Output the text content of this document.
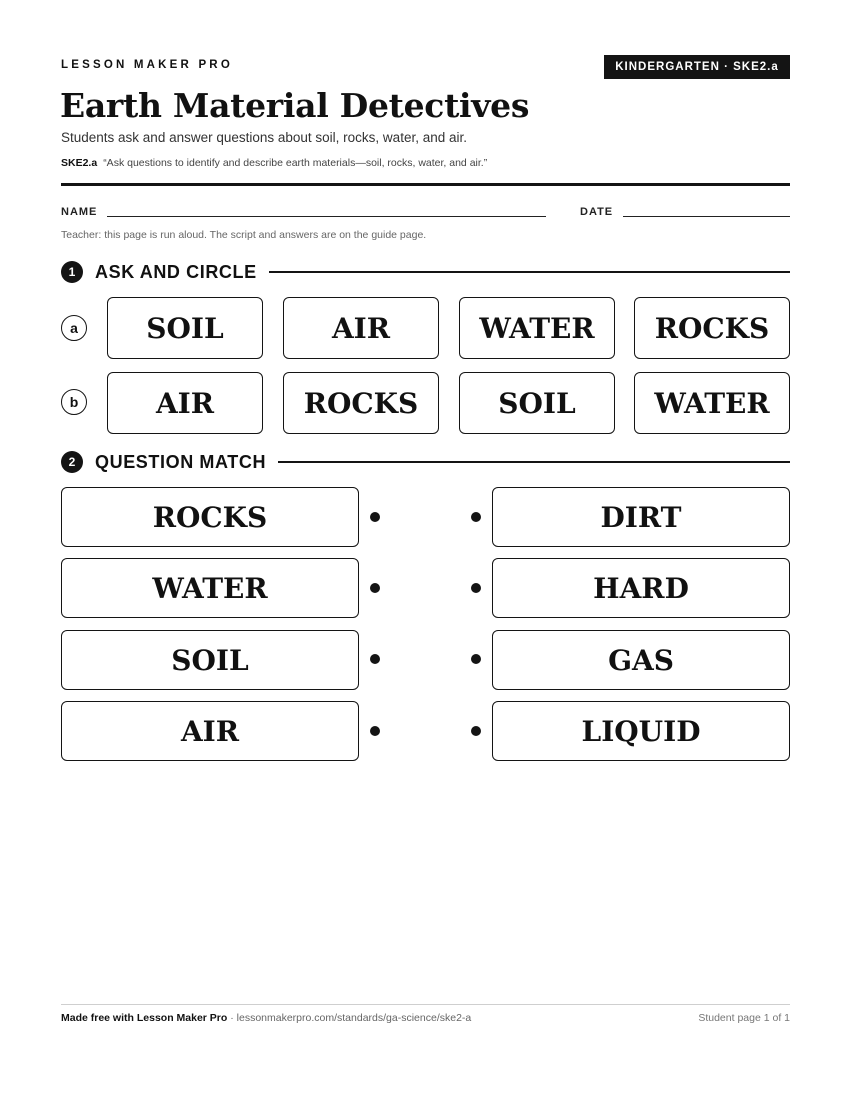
LESSON MAKER PRO	KINDERGARTEN · SKE2.a
Earth Material Detectives
Students ask and answer questions about soil, rocks, water, and air.
SKE2.a “Ask questions to identify and describe earth materials—soil, rocks, water, and air.”
NAME	DATE
Teacher: this page is run aloud. The script and answers are on the guide page.
1	ASK AND CIRCLE
a	SOIL	AIR	WATER	ROCKS
b	AIR	ROCKS	SOIL	WATER
2	QUESTION MATCH
ROCKS	DIRT
WATER	HARD
SOIL	GAS
AIR	LIQUID
Made free with Lesson Maker Pro · lessonmakerpro.com/standards/ga-science/ske2-a	Student page 1 of 1
